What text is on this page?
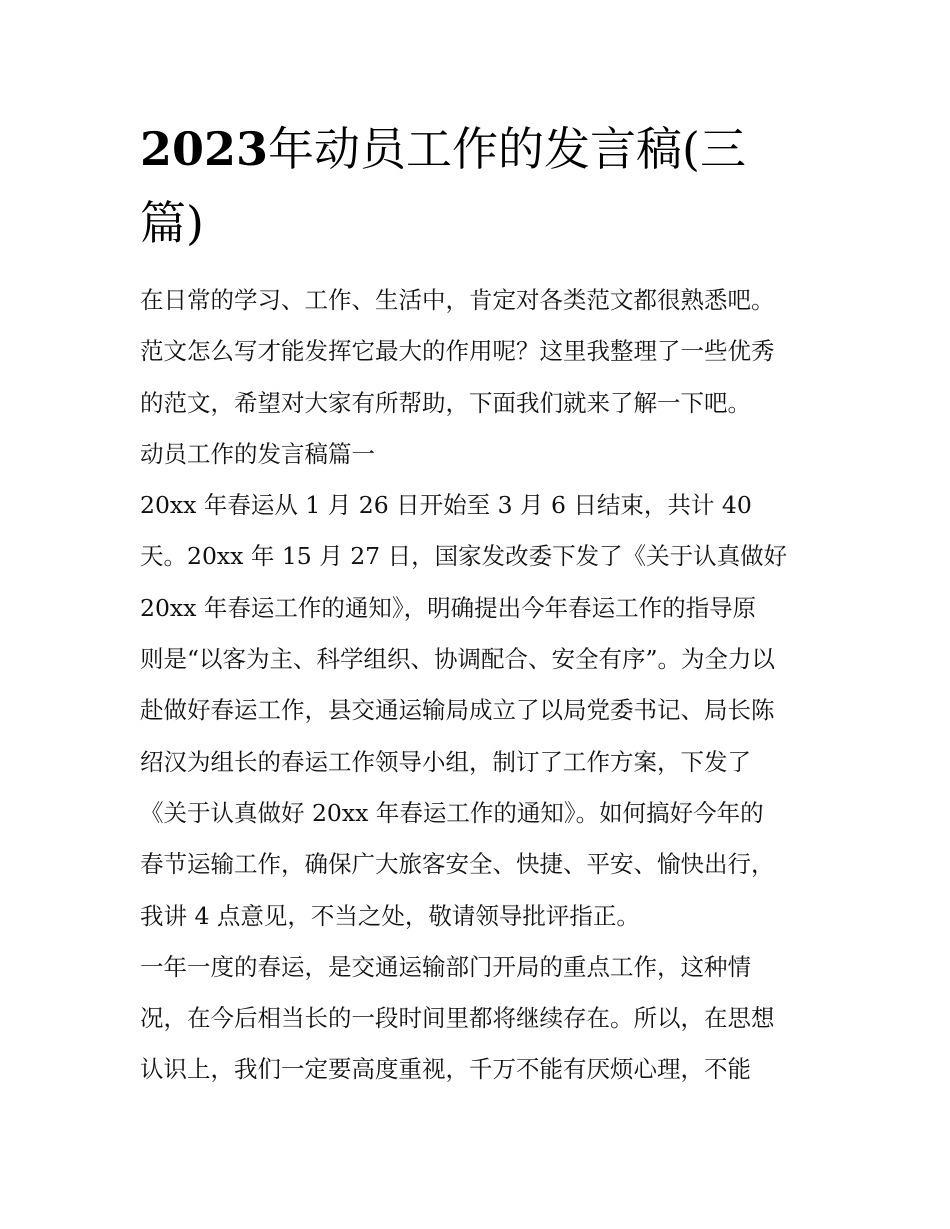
2023年动员工作的发言稿(三
篇)
在日常的学习、工作、生活中，肯定对各类范文都很熟悉吧。
范文怎么写才能发挥它最大的作用呢？这里我整理了一些优秀
的范文，希望对大家有所帮助，下面我们就来了解一下吧。
动员工作的发言稿篇一
20xx 年春运从 1 月 26 日开始至 3 月 6 日结束，共计 40
天。20xx 年 15 月 27 日，国家发改委下发了《关于认真做好
20xx 年春运工作的通知》，明确提出今年春运工作的指导原
则是“以客为主、科学组织、协调配合、安全有序”。为全力以
赴做好春运工作，县交通运输局成立了以局党委书记、局长陈
绍汉为组长的春运工作领导小组，制订了工作方案，下发了
《关于认真做好 20xx 年春运工作的通知》。如何搞好今年的
春节运输工作，确保广大旅客安全、快捷、平安、愉快出行，
我讲 4 点意见，不当之处，敬请领导批评指正。
一年一度的春运，是交通运输部门开局的重点工作，这种情
况，在今后相当长的一段时间里都将继续存在。所以，在思想
认识上，我们一定要高度重视，千万不能有厌烦心理，不能
